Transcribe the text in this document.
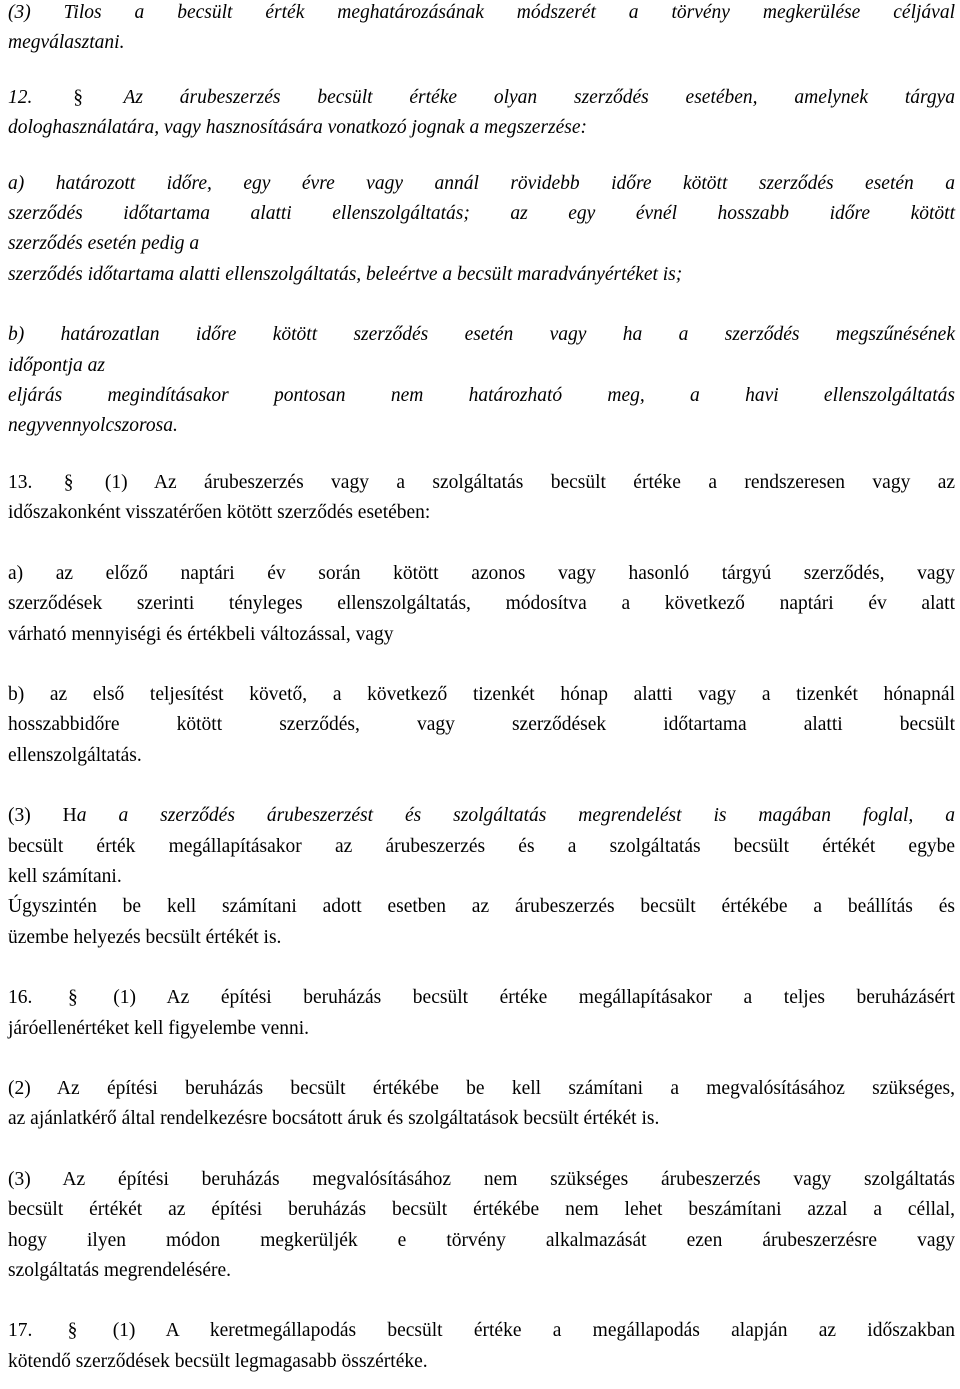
(3) Tilos a becsült érték meghatározásának módszerét a törvény megkerülése céljával
megválasztani.
12. § Az árubeszerzés becsült értéke olyan szerződés esetében, amelynek tárgya
dologhasználatára, vagy hasznosítására vonatkozó jognak a megszerzése:
a) határozott időre, egy évre vagy annál rövidebb időre kötött szerződés esetén a
szerződés időtartama alatti ellenszolgáltatás; az egy évnél hosszabb időre kötött
szerződés esetén pedig a
szerződés időtartama alatti ellenszolgáltatás, beleértve a becsült maradványértéket is;
b) határozatlan időre kötött szerződés esetén vagy ha a szerződés megszűnésének
időpontja az
eljárás megindításakor pontosan nem határozható meg, a havi ellenszolgáltatás
negyvennyolcszorosa.
13. § (1) Az árubeszerzés vagy a szolgáltatás becsült értéke a rendszeresen vagy az
időszakonként visszatérően kötött szerződés esetében:
a) az előző naptári év során kötött azonos vagy hasonló tárgyú szerződés, vagy
szerződések szerinti tényleges ellenszolgáltatás, módosítva a következő naptári év alatt
várható mennyiségi és értékbeli változással, vagy
b) az első teljesítést követő, a következő tizenkét hónap alatti vagy a tizenkét hónapnál
hosszabbidőre kötött szerződés, vagy szerződések időtartama alatti becsült
ellenszolgáltatás.
(3) Ha a szerződés árubeszerzést és szolgáltatás megrendelést is magában foglal, a
becsült érték megállapításakor az árubeszerzés és a szolgáltatás becsült értékét egybe
kell számítani.
Úgyszintén be kell számítani adott esetben az árubeszerzés becsült értékébe a beállítás és
üzembe helyezés becsült értékét is.
16. § (1) Az építési beruházás becsült értéke megállapításakor a teljes beruházásért
járóellenértéket kell figyelembe venni.
(2) Az építési beruházás becsült értékébe be kell számítani a megvalósításához szükséges,
az ajánlatkérő által rendelkezésre bocsátott áruk és szolgáltatások becsült értékét is.
(3) Az építési beruházás megvalósításához nem szükséges árubeszerzés vagy szolgáltatás
becsült értékét az építési beruházás becsült értékébe nem lehet beszámítani azzal a céllal,
hogy ilyen módon megkerüljék e törvény alkalmazását ezen árubeszerzésre vagy
szolgáltatás megrendelésére.
17. § (1) A keretmegállapodás becsült értéke a megállapodás alapján az időszakban
kötendő szerződések becsült legmagasabb összértéke.
